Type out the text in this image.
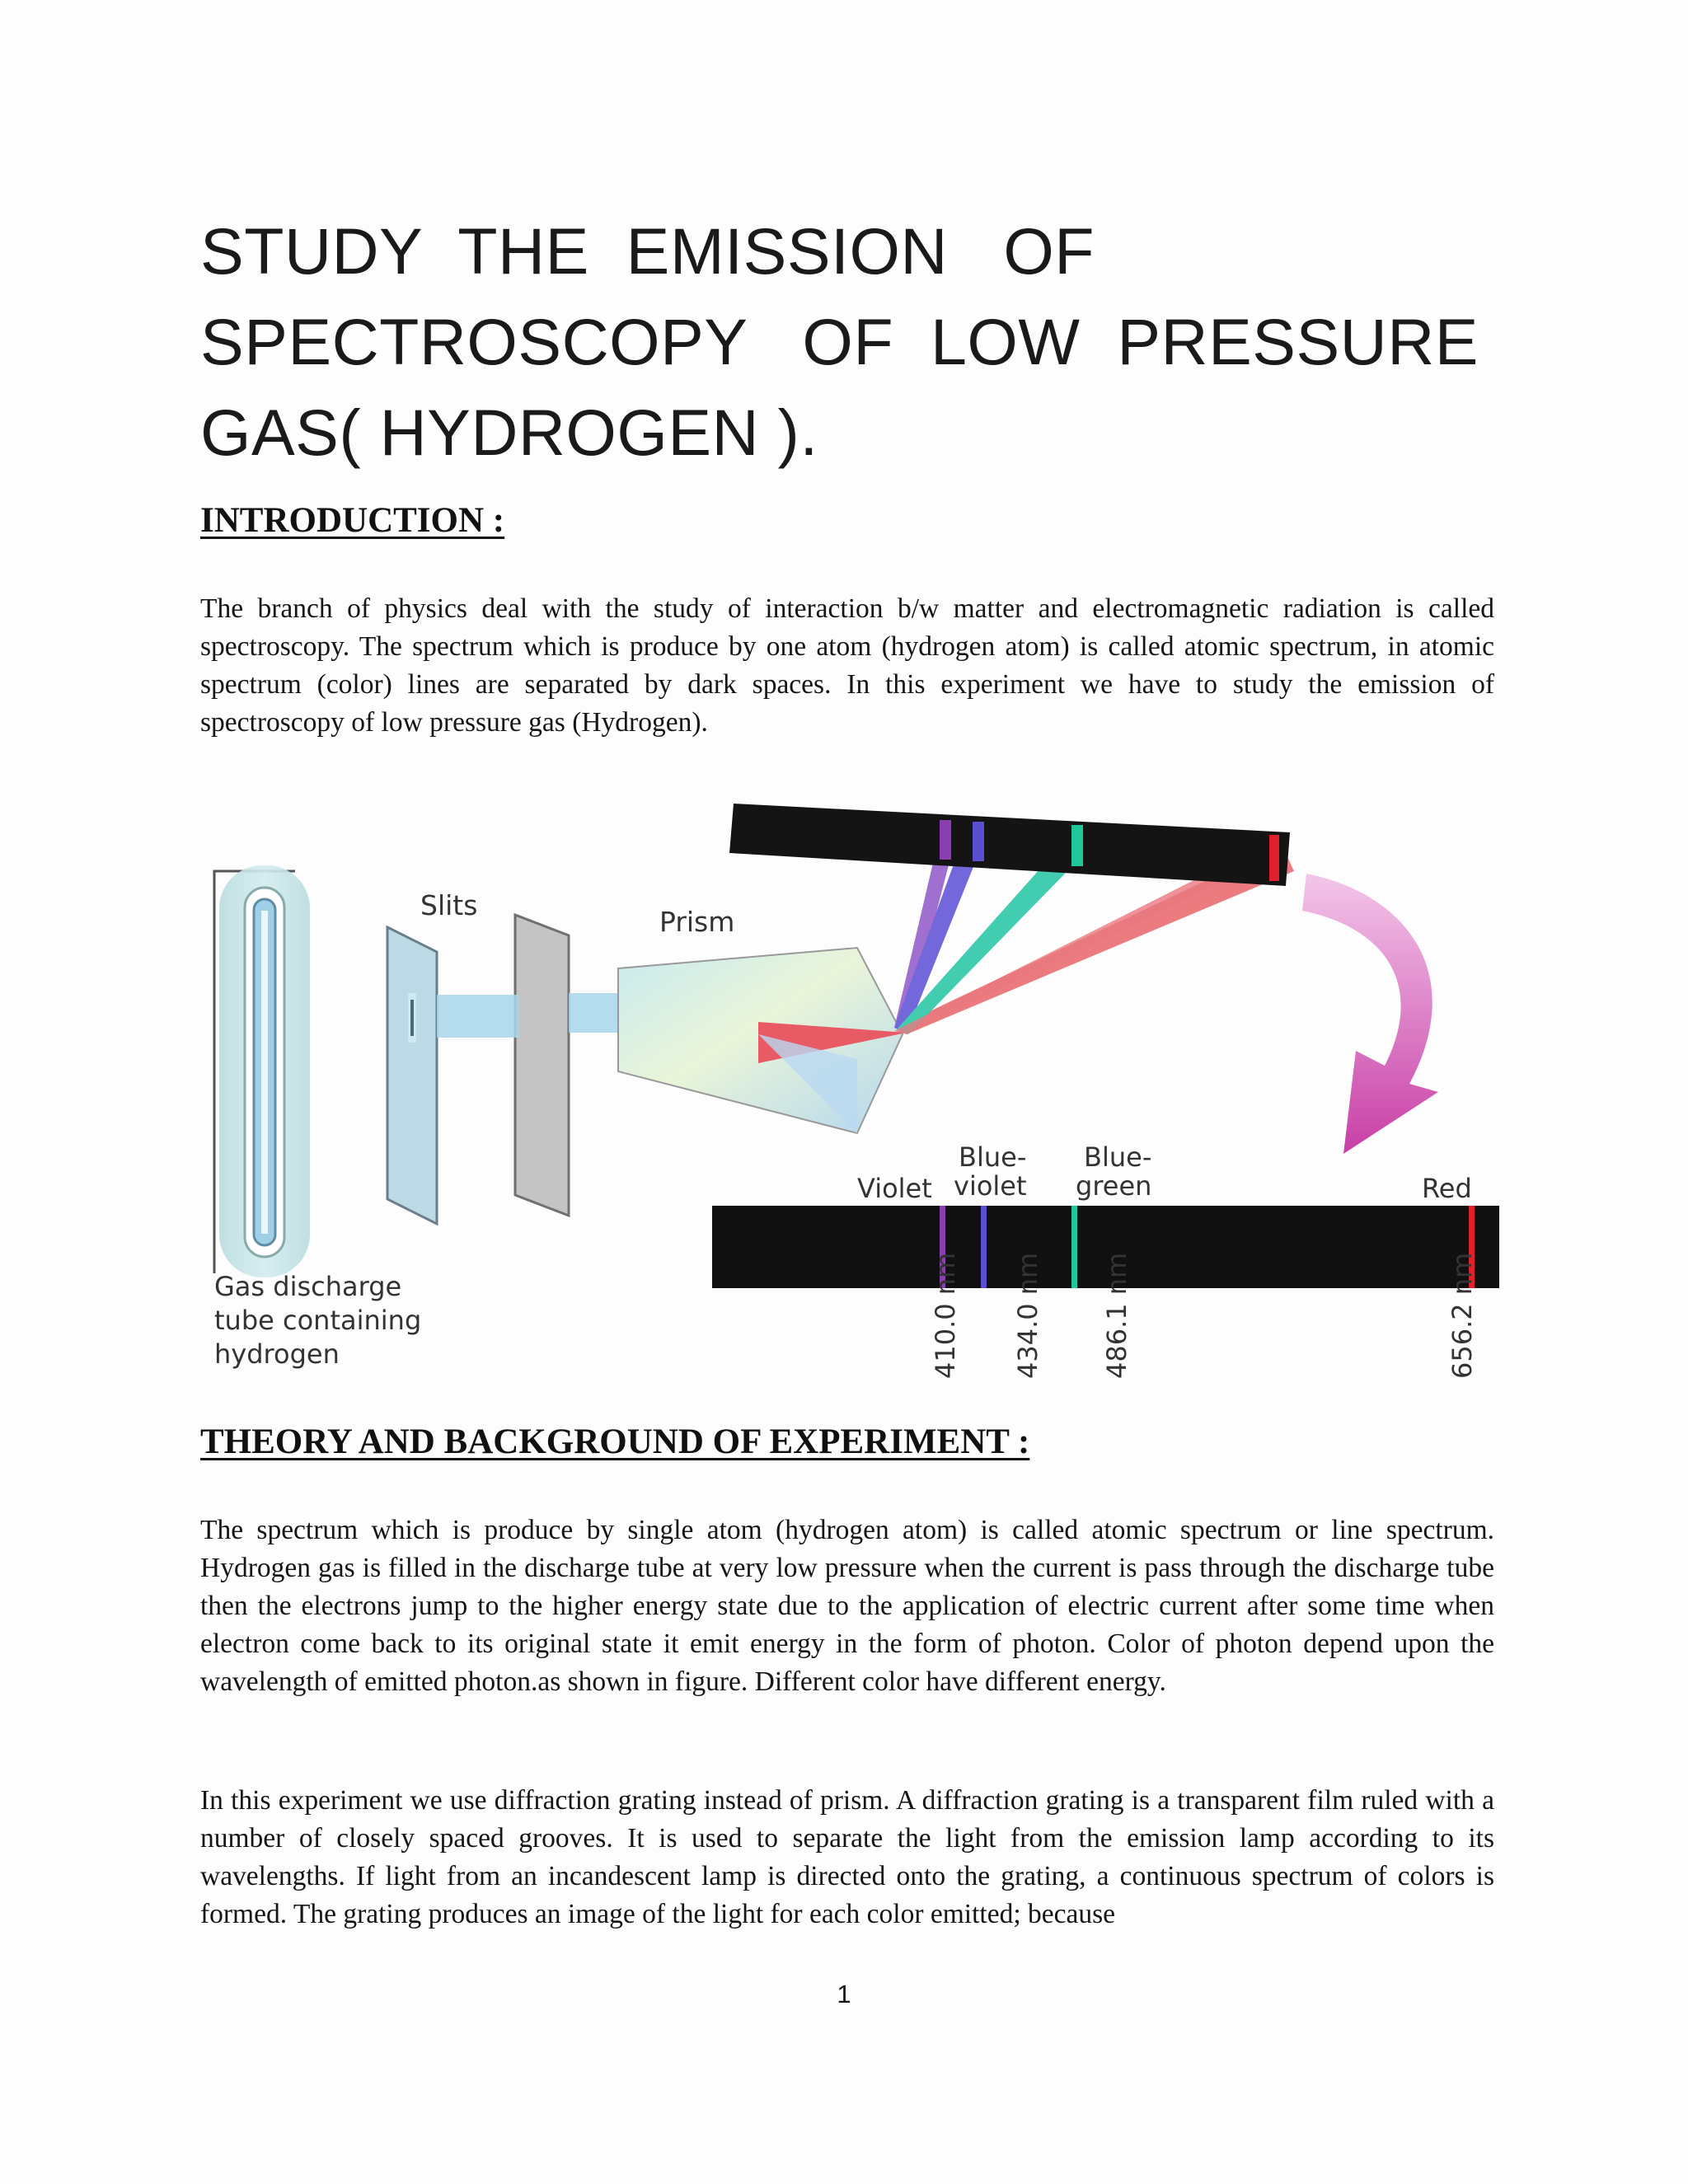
STUDY  THE  EMISSION   OF
SPECTROSCOPY   OF  LOW  PRESSURE
GAS( HYDROGEN ).
INTRODUCTION :
The branch of physics deal with the study of interaction b/w matter and electromagnetic radiation is called spectroscopy. The spectrum which is produce by one atom (hydrogen atom) is called atomic spectrum, in atomic spectrum (color) lines are separated by dark spaces. In this experiment we have to study the emission of spectroscopy of low pressure gas (Hydrogen).
Slits
Prism
Gas discharge tube containing hydrogen
Violet
Blue- violet
Blue- green	Red
410.0 nm 434.0 nm 486.1 nm	656.2 nm
THEORY AND BACKGROUND OF EXPERIMENT :
The spectrum which is produce by single atom (hydrogen atom) is called atomic spectrum or line spectrum. Hydrogen gas is filled in the discharge tube at very low pressure when the current is pass through the discharge tube then the electrons jump to the higher energy state due to the application of electric current after some time when electron come back to its original state it emit energy in the form of photon. Color of photon depend upon the wavelength of emitted photon.as shown in figure. Different color have different energy.
In this experiment we use diffraction grating instead of prism. A diffraction grating is a transparent film ruled with a number of closely spaced grooves. It is used to separate the light from the emission lamp according to its wavelengths. If light from an incandescent lamp is directed onto the grating, a continuous spectrum of colors is formed. The grating produces an image of the light for each color emitted; because
1
